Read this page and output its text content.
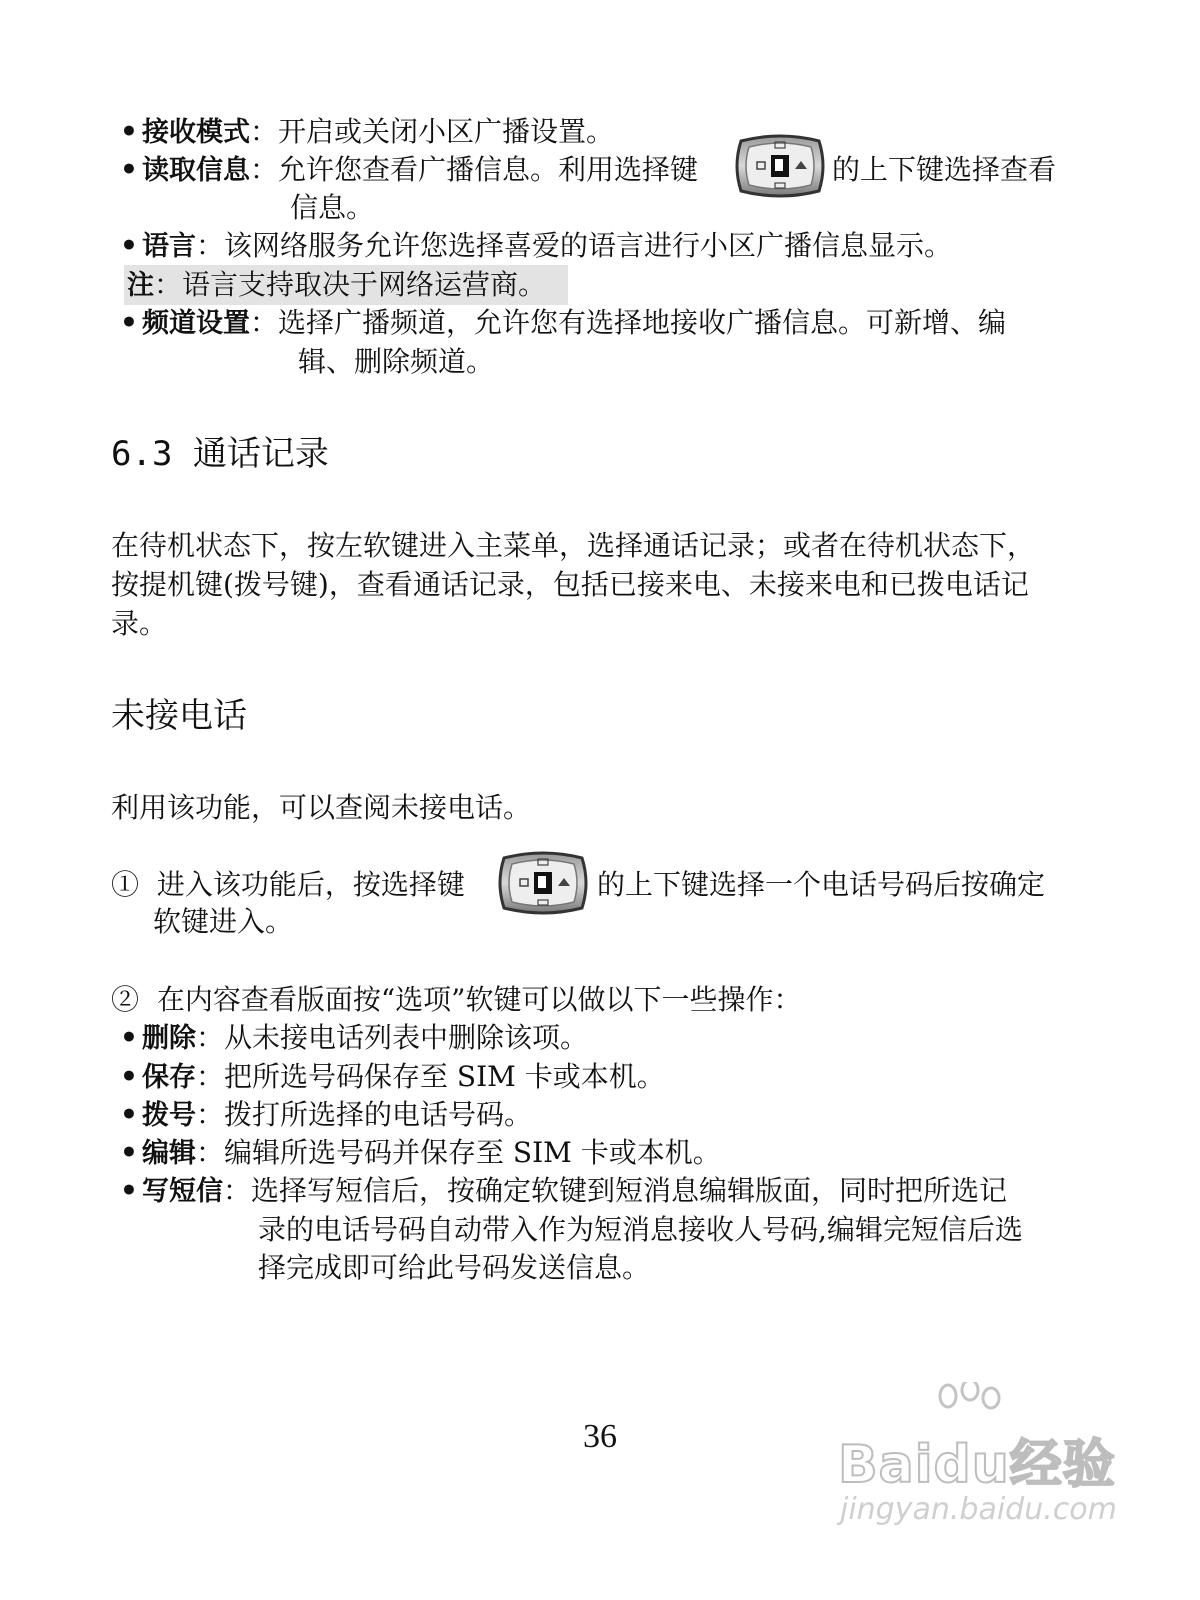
• 接收模式：开启或关闭小区广播设置。
• 读取信息：允许您查看广播信息。利用选择键	的上下键选择查看
信息。
• 语言：该网络服务允许您选择喜爱的语言进行小区广播信息显示。
注：语言支持取决于网络运营商。
• 频道设置：选择广播频道，允许您有选择地接收广播信息。可新增、编
辑、删除频道。
6.3 通话记录
在待机状态下，按左软键进入主菜单，选择通话记录；或者在待机状态下，
按提机键(拨号键)，查看通话记录，包括已接来电、未接来电和已拨电话记
录。
未接电话
利用该功能，可以查阅未接电话。
① 进入该功能后，按选择键	的上下键选择一个电话号码后按确定
软键进入。
② 在内容查看版面按“选项”软键可以做以下一些操作：
• 删除：从未接电话列表中删除该项。
• 保存：把所选号码保存至 SIM 卡或本机。
• 拨号：拨打所选择的电话号码。
• 编辑：编辑所选号码并保存至 SIM 卡或本机。
• 写短信：选择写短信后，按确定软键到短消息编辑版面，同时把所选记
录的电话号码自动带入作为短消息接收人号码,编辑完短信后选
择完成即可给此号码发送信息。
36	Baidu经验
jingyan.baidu.com
